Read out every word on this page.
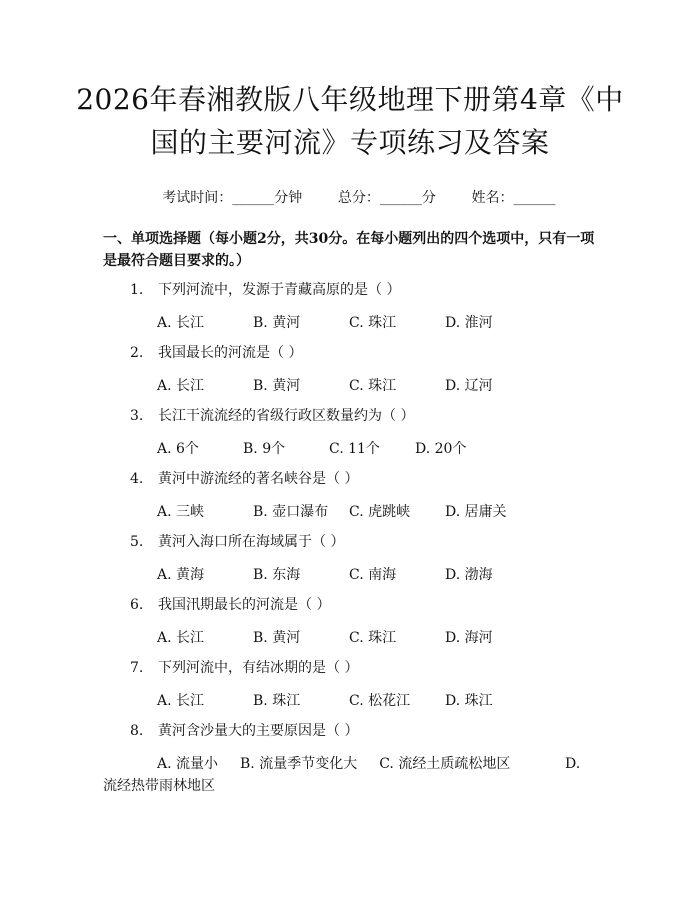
2026年春湘教版八年级地理下册第4章《中国的主要河流》专项练习及答案

考试时间：______分钟	总分：______分	姓名：______

一、单项选择题（每小题2分，共30分。在每小题列出的四个选项中，只有一项是最符合题目要求的。）

1. 下列河流中，发源于青藏高原的是（ ）
A. 长江	B. 黄河	C. 珠江	D. 淮河
2. 我国最长的河流是（ ）
A. 长江	B. 黄河	C. 珠江	D. 辽河
3. 长江干流流经的省级行政区数量约为（ ）
A. 6个	B. 9个	C. 11个	D. 20个
4. 黄河中游流经的著名峡谷是（ ）
A. 三峡	B. 壶口瀑布 C. 虎跳峡 D. 居庸关
5. 黄河入海口所在海域属于（ ）
A. 黄海	B. 东海	C. 南海	D. 渤海
6. 我国汛期最长的河流是（ ）
A. 长江	B. 黄河	C. 珠江	D. 海河
7. 下列河流中，有结冰期的是（ ）
A. 长江	B. 珠江	C. 松花江 D. 珠江
8. 黄河含沙量大的主要原因是（ ）
A. 流量小 B. 流量季节变化大 C. 流经土质疏松地区	D.
流经热带雨林地区
